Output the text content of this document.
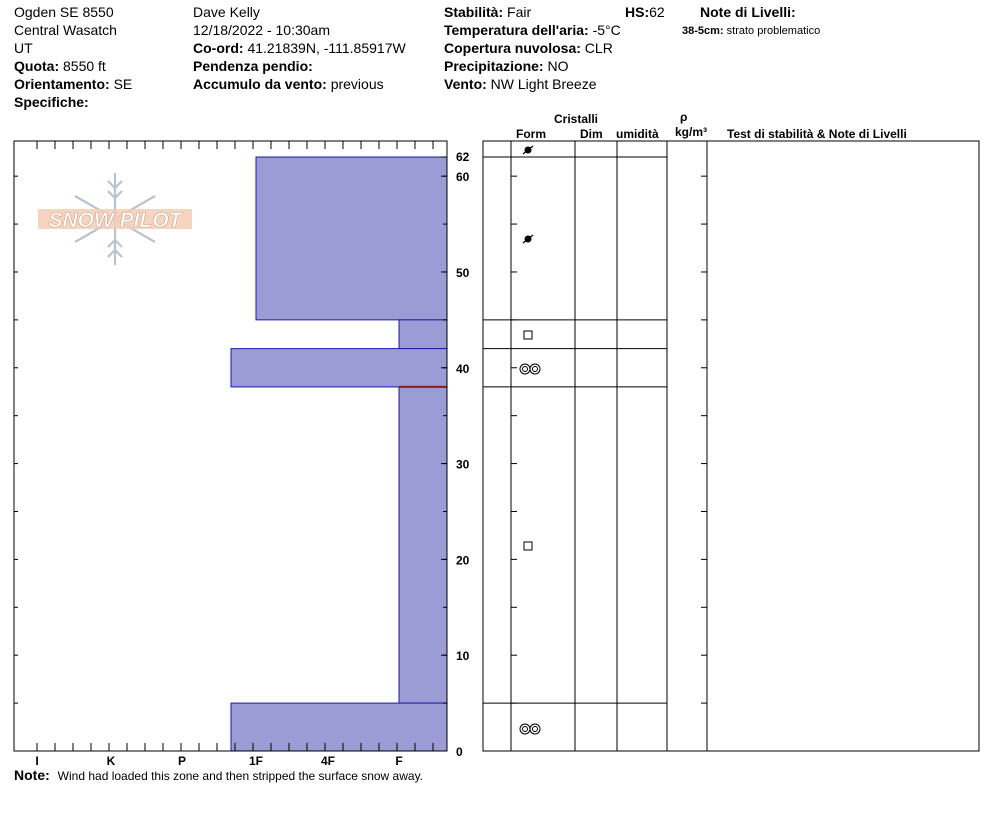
Ogden SE 8550
Central Wasatch
UT
Quota: 8550 ft
Orientamento: SE
Specifiche:
Dave Kelly
12/18/2022 - 10:30am
Co-ord: 41.21839N, -111.85917W
Pendenza pendio:
Accumulo da vento: previous
Stabilità: Fair	HS:62
Temperatura dell'aria: -5°C
Copertura nuvolosa: CLR
Precipitazione: NO
Vento: NW Light Breeze
Note di Livelli:
38-5cm: strato problematico
Cristalli
Form	Dim umidità
ρ
kg/m³ Test di stabilità & Note di Livelli
0
10
20
30
40
50
60
62
I	K	P	1F	4F	F
SNOW PILOT
Note: Wind had loaded this zone and then stripped the surface snow away.
